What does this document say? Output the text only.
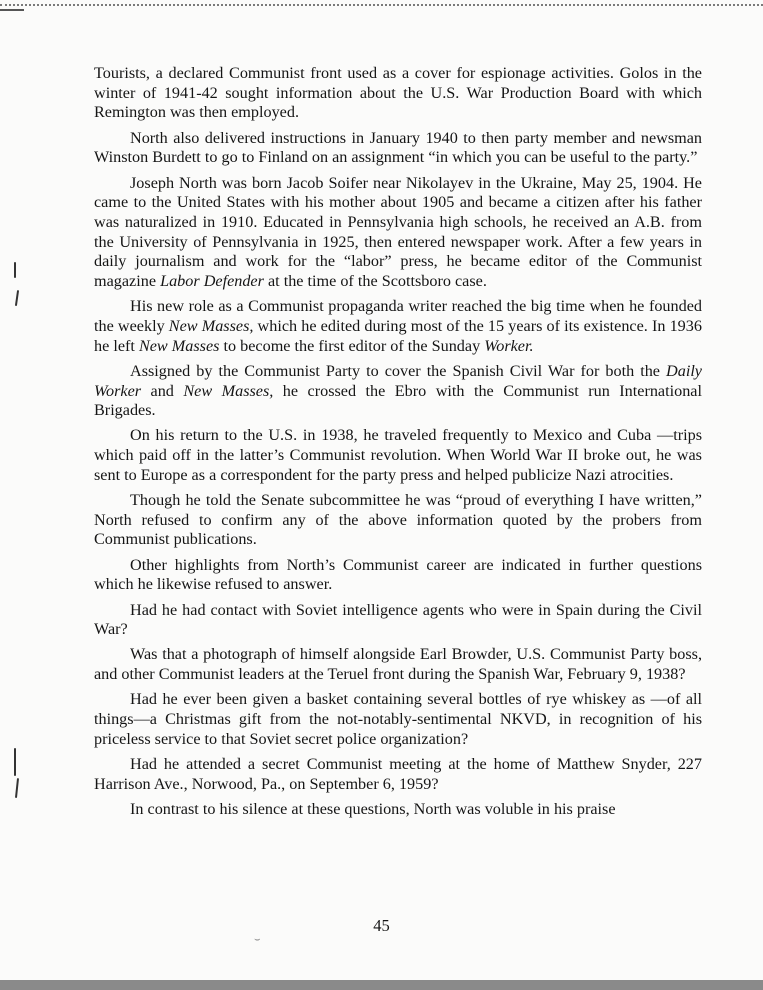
Tourists, a declared Communist front used as a cover for espionage activities. Golos in the winter of 1941-42 sought information about the U.S. War Production Board with which Remington was then employed.

North also delivered instructions in January 1940 to then party member and newsman Winston Burdett to go to Finland on an assignment “in which you can be useful to the party.”

Joseph North was born Jacob Soifer near Nikolayev in the Ukraine, May 25, 1904. He came to the United States with his mother about 1905 and became a citizen after his father was naturalized in 1910. Educated in Pennsylvania high schools, he received an A.B. from the University of Pennsylvania in 1925, then entered newspaper work. After a few years in daily journalism and work for the “labor” press, he became editor of the Communist magazine Labor Defender at the time of the Scottsboro case.

His new role as a Communist propaganda writer reached the big time when he founded the weekly New Masses, which he edited during most of the 15 years of its existence. In 1936 he left New Masses to become the first editor of the Sunday Worker.

Assigned by the Communist Party to cover the Spanish Civil War for both the Daily Worker and New Masses, he crossed the Ebro with the Communist run International Brigades.

On his return to the U.S. in 1938, he traveled frequently to Mexico and Cuba —trips which paid off in the latter’s Communist revolution. When World War II broke out, he was sent to Europe as a correspondent for the party press and helped publicize Nazi atrocities.

Though he told the Senate subcommittee he was “proud of everything I have written,” North refused to confirm any of the above information quoted by the probers from Communist publications.

Other highlights from North’s Communist career are indicated in further questions which he likewise refused to answer.

Had he had contact with Soviet intelligence agents who were in Spain during the Civil War?

Was that a photograph of himself alongside Earl Browder, U.S. Communist Party boss, and other Communist leaders at the Teruel front during the Spanish War, February 9, 1938?

Had he ever been given a basket containing several bottles of rye whiskey as —of all things—a Christmas gift from the not-notably-sentimental NKVD, in recognition of his priceless service to that Soviet secret police organization?

Had he attended a secret Communist meeting at the home of Matthew Snyder, 227 Harrison Ave., Norwood, Pa., on September 6, 1959?

In contrast to his silence at these questions, North was voluble in his praise

45
⌣
